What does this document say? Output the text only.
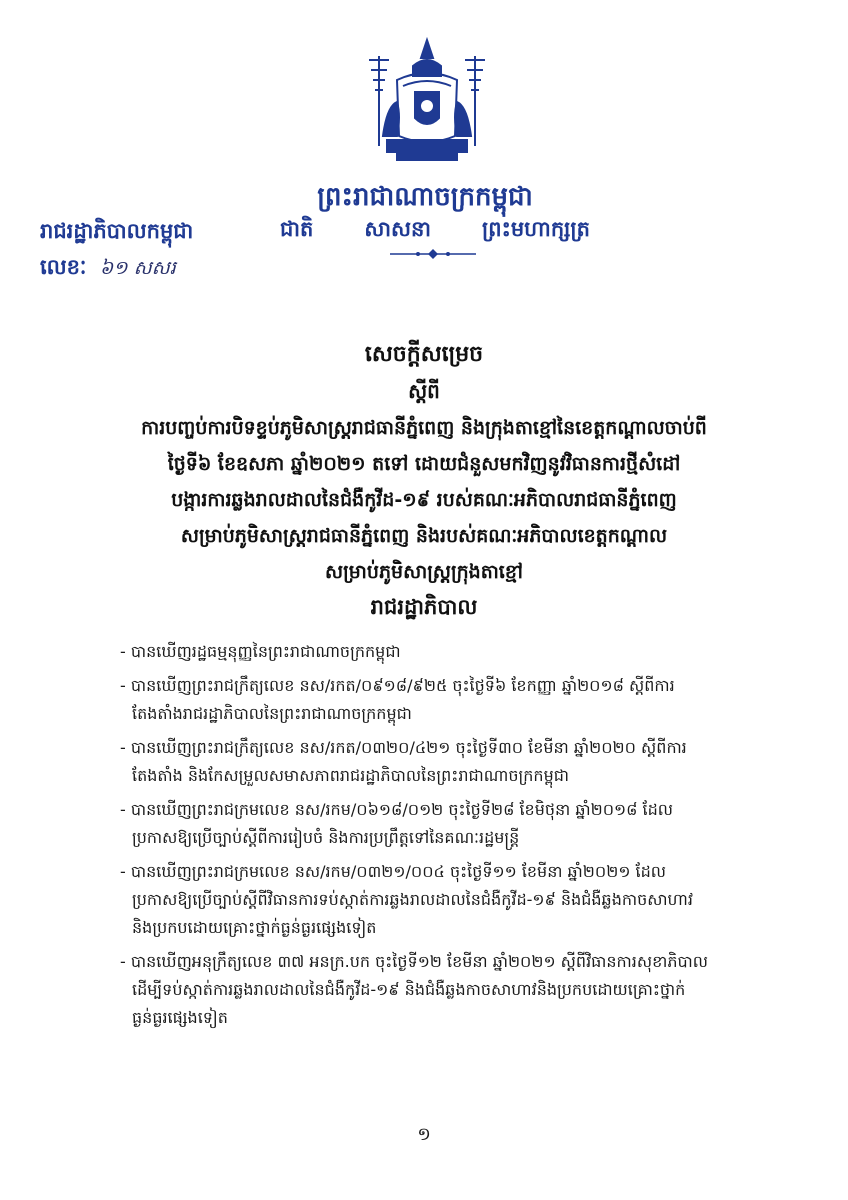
ព្រះរាជាណាចក្រកម្ពុជា
ជាតិ សាសនា ព្រះមហាក្សត្រ
រាជរដ្ឋាភិបាលកម្ពុជា
លេខៈ ៦១ សសរ
សេចក្តីសម្រេច
ស្តីពី
ការបញ្ចប់ការបិទខ្ទប់ភូមិសាស្ត្ររាជធានីភ្នំពេញ និងក្រុងតាខ្មៅនៃខេត្តកណ្តាលចាប់ពី
ថ្ងៃទី៦ ខែឧសភា ឆ្នាំ២០២១ តទៅ ដោយជំនួសមកវិញនូវវិធានការថ្មីសំដៅ
បង្ការការឆ្លងរាលដាលនៃជំងឺកូវីដ-១៩ របស់គណៈអភិបាលរាជធានីភ្នំពេញ
សម្រាប់ភូមិសាស្ត្ររាជធានីភ្នំពេញ និងរបស់គណៈអភិបាលខេត្តកណ្តាល
សម្រាប់ភូមិសាស្ត្រក្រុងតាខ្មៅ
រាជរដ្ឋាភិបាល
- បានឃើញរដ្ឋធម្មនុញ្ញនៃព្រះរាជាណាចក្រកម្ពុជា
- បានឃើញព្រះរាជក្រឹត្យលេខ នស/រកត/០៩១៨/៩២៥ ចុះថ្ងៃទី៦ ខែកញ្ញា ឆ្នាំ២០១៨ ស្តីពីការ
តែងតាំងរាជរដ្ឋាភិបាលនៃព្រះរាជាណាចក្រកម្ពុជា
- បានឃើញព្រះរាជក្រឹត្យលេខ នស/រកត/០៣២០/៤២១ ចុះថ្ងៃទី៣០ ខែមីនា ឆ្នាំ២០២០ ស្តីពីការ
តែងតាំង និងកែសម្រួលសមាសភាពរាជរដ្ឋាភិបាលនៃព្រះរាជាណាចក្រកម្ពុជា
- បានឃើញព្រះរាជក្រមលេខ នស/រកម/០៦១៨/០១២ ចុះថ្ងៃទី២៨ ខែមិថុនា ឆ្នាំ២០១៨ ដែល
ប្រកាសឱ្យប្រើច្បាប់ស្តីពីការរៀបចំ និងការប្រព្រឹត្តទៅនៃគណៈរដ្ឋមន្ត្រី
- បានឃើញព្រះរាជក្រមលេខ នស/រកម/០៣២១/០០៤ ចុះថ្ងៃទី១១ ខែមីនា ឆ្នាំ២០២១ ដែល
ប្រកាសឱ្យប្រើច្បាប់ស្តីពីវិធានការទប់ស្កាត់ការឆ្លងរាលដាលនៃជំងឺកូវីដ-១៩ និងជំងឺឆ្លងកាចសាហាវ
និងប្រកបដោយគ្រោះថ្នាក់ធ្ងន់ធ្ងរផ្សេងទៀត
- បានឃើញអនុក្រឹត្យលេខ ៣៧ អនក្រ.បក ចុះថ្ងៃទី១២ ខែមីនា ឆ្នាំ២០២១ ស្តីពីវិធានការសុខាភិបាល
ដើម្បីទប់ស្កាត់ការឆ្លងរាលដាលនៃជំងឺកូវីដ-១៩ និងជំងឺឆ្លងកាចសាហាវនិងប្រកបដោយគ្រោះថ្នាក់
ធ្ងន់ធ្ងរផ្សេងទៀត
១
